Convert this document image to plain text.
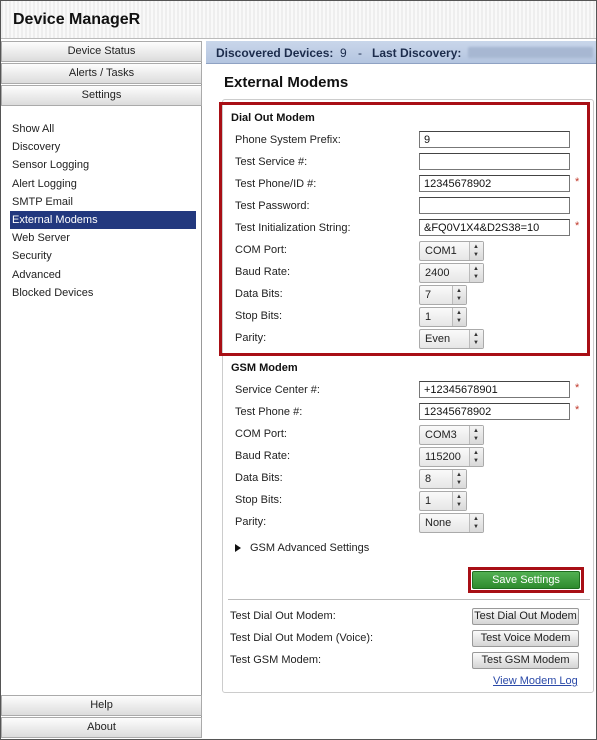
Device ManageR
Device Status
Alerts / Tasks
Settings
Show All
Discovery
Sensor Logging
Alert Logging
SMTP Email
External Modems
Web Server
Security
Advanced
Blocked Devices
Help
About
Discovered Devices: 9 - Last Discovery:
External Modems
Dial Out Modem
Phone System Prefix:
9
Test Service #:
Test Phone/ID #:
12345678902	*
Test Password:
Test Initialization String:
&FQ0V1X4&D2S38=10	*
COM Port:	COM1	▲
▼
Baud Rate:	2400	▲
▼
Data Bits:	7	▲
▼
Stop Bits:	1	▲
▼
Parity:	Even	▲
▼
GSM Modem
Service Center #:
+12345678901	*
Test Phone #:
12345678902	*
COM Port:	COM3	▲
▼
Baud Rate:	115200 ▲
▼
Data Bits:	8	▲
▼
Stop Bits:	1	▲
▼
Parity:	None	▲
▼
GSM Advanced Settings
Save Settings
Test Dial Out Modem:	Test Dial Out Modem
Test Dial Out Modem (Voice):	Test Voice Modem
Test GSM Modem:	Test GSM Modem
View Modem Log
